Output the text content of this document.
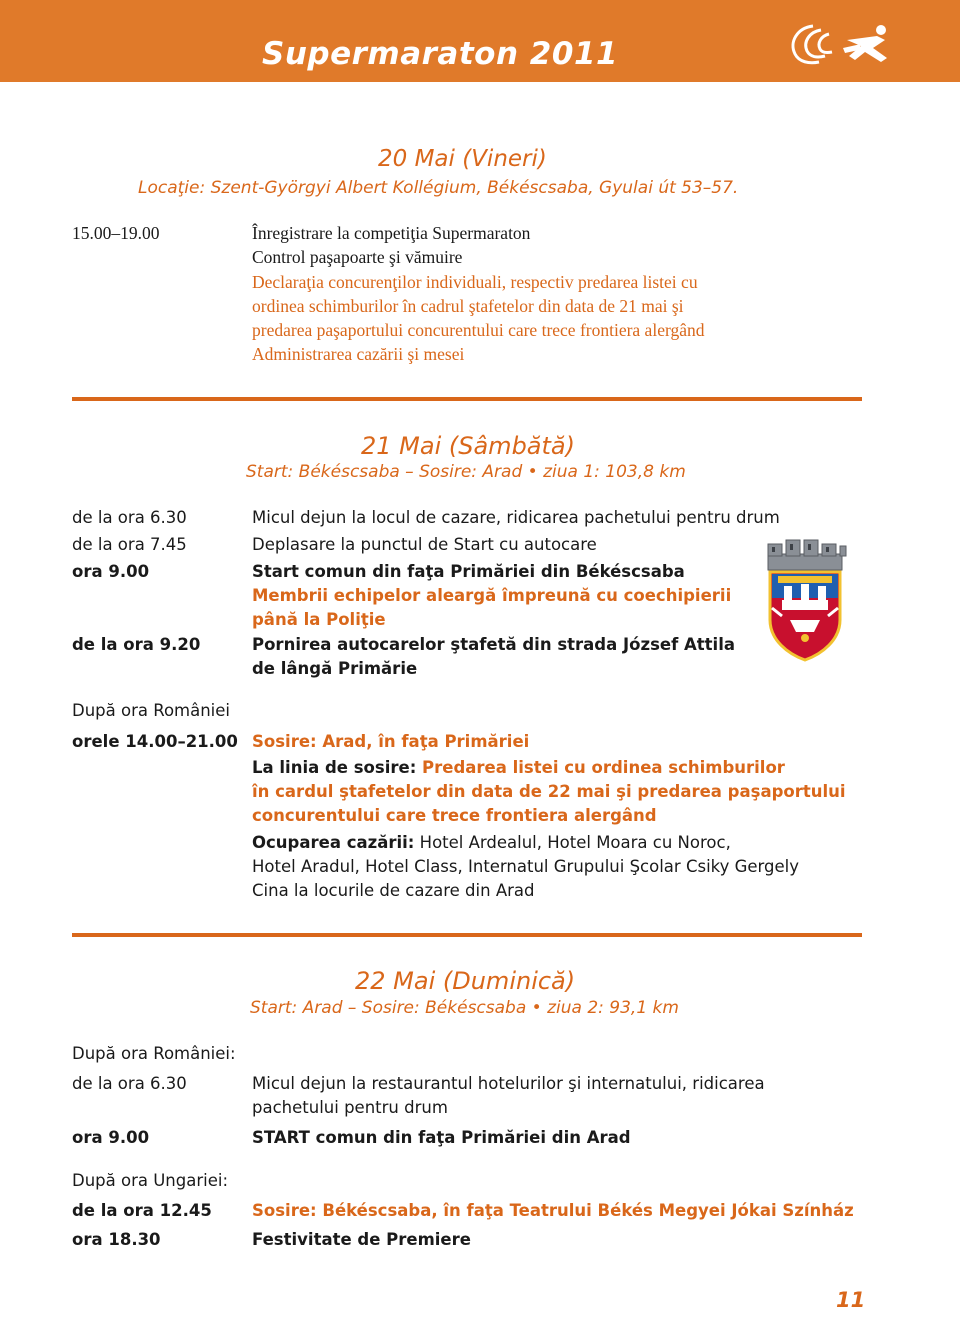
Supermaraton 2011
20 Mai (Vineri)
Locaţie: Szent-Györgyi Albert Kollégium, Békéscsaba, Gyulai út 53–57.
15.00–19.00	Înregistrare la competiţia Supermaraton
Control paşapoarte şi vămuire
Declaraţia concurenţilor individuali, respectiv predarea listei cu
ordinea schimburilor în cadrul ştafetelor din data de 21 mai şi
predarea paşaportului concurentului care trece frontiera alergând
Administrarea cazării şi mesei
21 Mai (Sâmbătă)
Start: Békéscsaba – Sosire: Arad • ziua 1: 103,8 km
de la ora 6.30	Micul dejun la locul de cazare, ridicarea pachetului pentru drum
de la ora 7.45	Deplasare la punctul de Start cu autocare
ora 9.00	Start comun din faţa Primăriei din Békéscsaba
Membrii echipelor aleargă împreună cu coechipierii
până la Poliţie
de la ora 9.20	Pornirea autocarelor ştafetă din strada József Attila
de lângă Primărie
După ora României
orele 14.00–21.00 Sosire: Arad, în faţa Primăriei
La linia de sosire: Predarea listei cu ordinea schimburilor
în cardul ştafetelor din data de 22 mai şi predarea paşaportului
concurentului care trece frontiera alergând
Ocuparea cazării: Hotel Ardealul, Hotel Moara cu Noroc,
Hotel Aradul, Hotel Class, Internatul Grupului Şcolar Csiky Gergely
Cina la locurile de cazare din Arad
22 Mai (Duminică)
Start: Arad – Sosire: Békéscsaba • ziua 2: 93,1 km
După ora României:
de la ora 6.30	Micul dejun la restaurantul hotelurilor şi internatului, ridicarea
pachetului pentru drum
ora 9.00	START comun din faţa Primăriei din Arad
După ora Ungariei:
de la ora 12.45 Sosire: Békéscsaba, în faţa Teatrului Békés Megyei Jókai Színház
ora 18.30	Festivitate de Premiere
11
